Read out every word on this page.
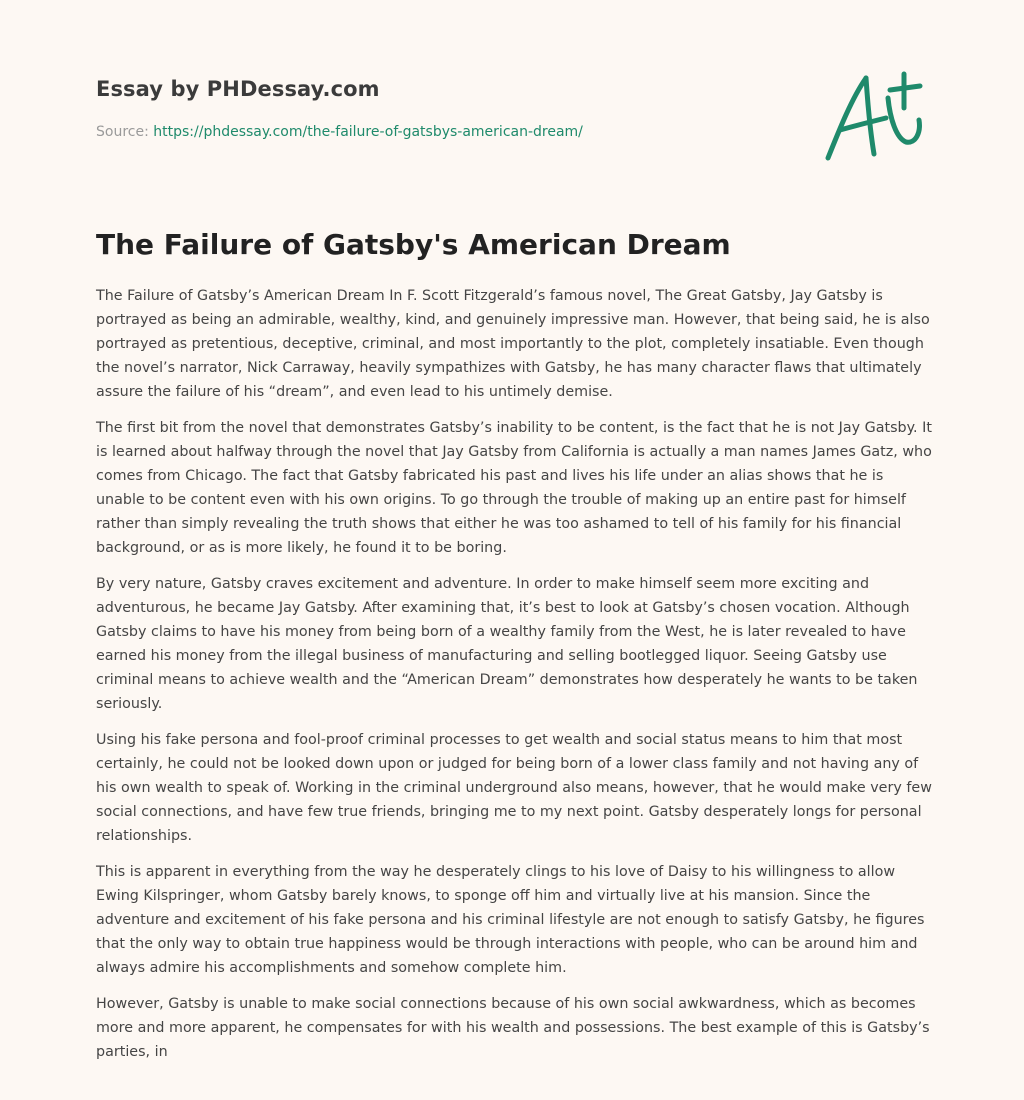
Essay by PHDessay.com
Source: https://phdessay.com/the-failure-of-gatsbys-american-dream/
The Failure of Gatsby's American Dream

The Failure of Gatsby’s American Dream In F. Scott Fitzgerald’s famous novel, The Great Gatsby, Jay Gatsby is portrayed as being an admirable, wealthy, kind, and genuinely impressive man. However, that being said, he is also portrayed as pretentious, deceptive, criminal, and most importantly to the plot, completely insatiable. Even though the novel’s narrator, Nick Carraway, heavily sympathizes with Gatsby, he has many character flaws that ultimately assure the failure of his “dream”, and even lead to his untimely demise.

The first bit from the novel that demonstrates Gatsby’s inability to be content, is the fact that he is not Jay Gatsby. It is learned about halfway through the novel that Jay Gatsby from California is actually a man names James Gatz, who comes from Chicago. The fact that Gatsby fabricated his past and lives his life under an alias shows that he is unable to be content even with his own origins. To go through the trouble of making up an entire past for himself rather than simply revealing the truth shows that either he was too ashamed to tell of his family for his financial background, or as is more likely, he found it to be boring.

By very nature, Gatsby craves excitement and adventure. In order to make himself seem more exciting and adventurous, he became Jay Gatsby. After examining that, it’s best to look at Gatsby’s chosen vocation. Although Gatsby claims to have his money from being born of a wealthy family from the West, he is later revealed to have earned his money from the illegal business of manufacturing and selling bootlegged liquor. Seeing Gatsby use criminal means to achieve wealth and the “American Dream” demonstrates how desperately he wants to be taken seriously.

Using his fake persona and fool-proof criminal processes to get wealth and social status means to him that most certainly, he could not be looked down upon or judged for being born of a lower class family and not having any of his own wealth to speak of. Working in the criminal underground also means, however, that he would make very few social connections, and have few true friends, bringing me to my next point. Gatsby desperately longs for personal relationships.

This is apparent in everything from the way he desperately clings to his love of Daisy to his willingness to allow Ewing Kilspringer, whom Gatsby barely knows, to sponge off him and virtually live at his mansion. Since the adventure and excitement of his fake persona and his criminal lifestyle are not enough to satisfy Gatsby, he figures that the only way to obtain true happiness would be through interactions with people, who can be around him and always admire his accomplishments and somehow complete him.

However, Gatsby is unable to make social connections because of his own social awkwardness, which as becomes more and more apparent, he compensates for with his wealth and possessions. The best example of this is Gatsby’s parties, in
